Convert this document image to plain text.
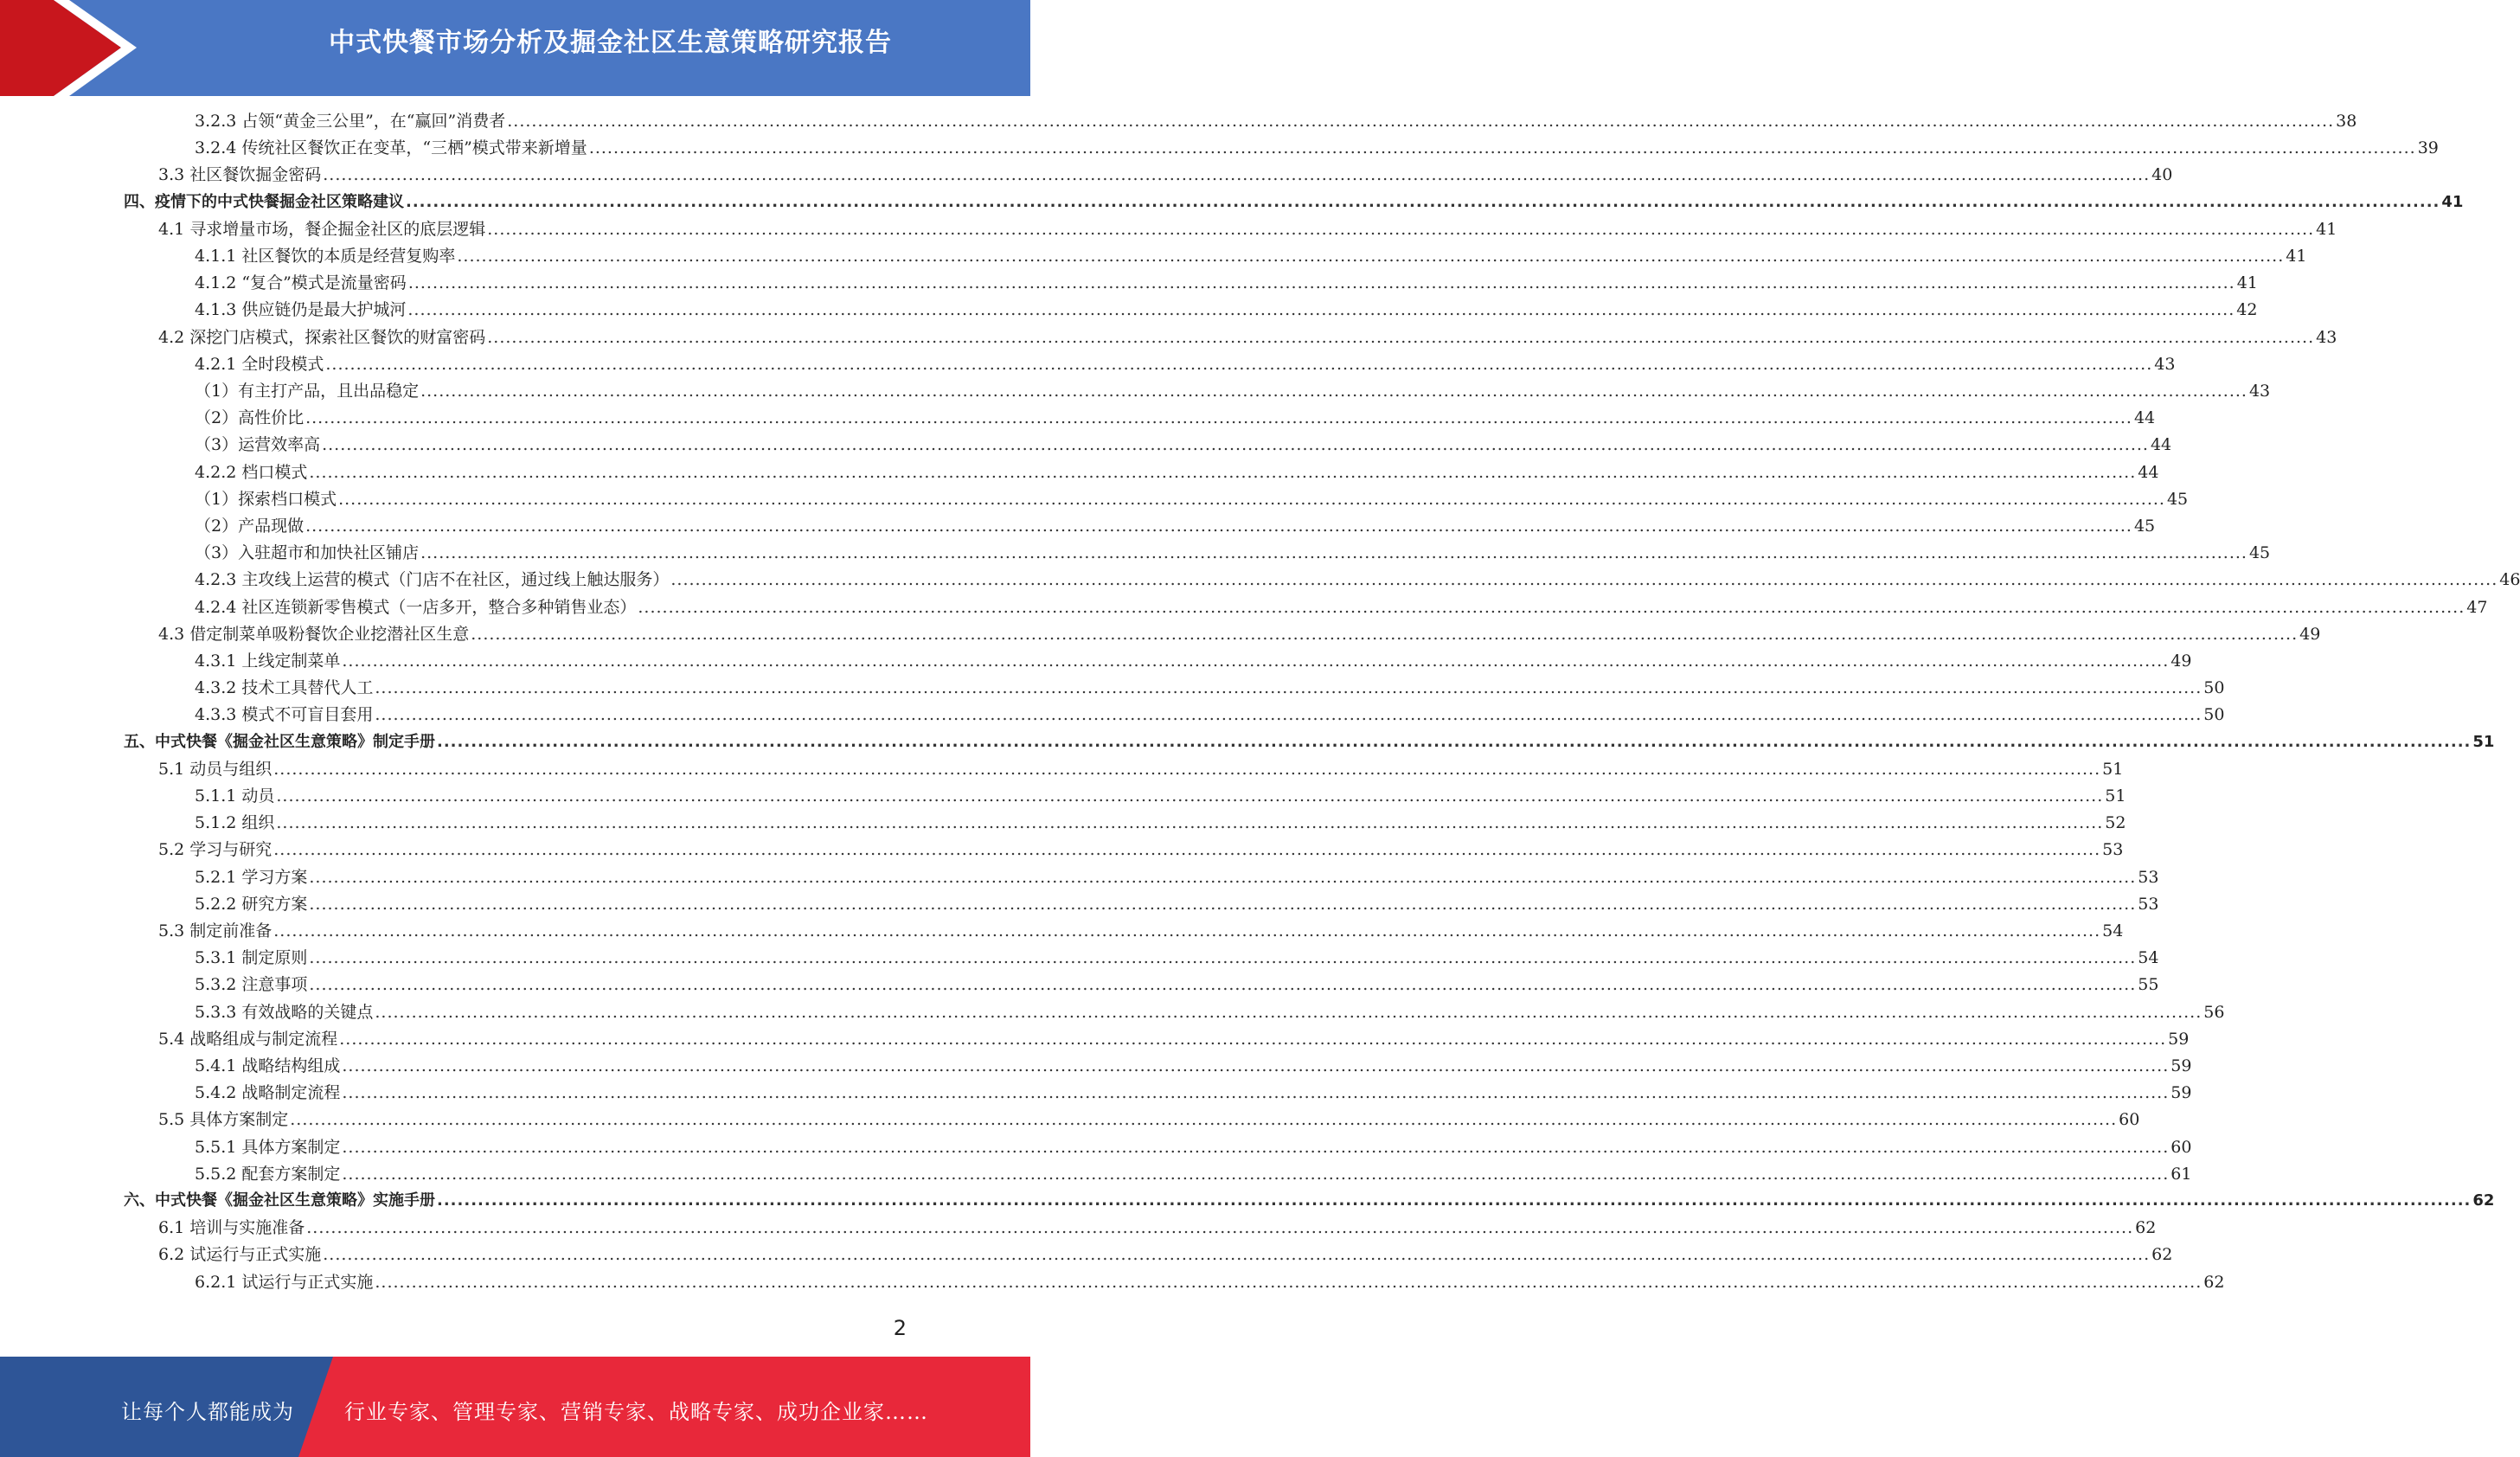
中式快餐市场分析及掘金社区生意策略研究报告
3.2.3 占领“黄金三公里”，在“赢回”消费者 ............................................................................................................................................................................................................................................................................................................ 38
3.2.4 传统社区餐饮正在变革，“三栖”模式带来新增量 ............................................................................................................................................................................................................................................................................................................ 39
3.3 社区餐饮掘金密码 ............................................................................................................................................................................................................................................................................................................ 40
四、疫情下的中式快餐掘金社区策略建议 ............................................................................................................................................................................................................................................................................................................ 41
4.1 寻求增量市场，餐企掘金社区的底层逻辑 ............................................................................................................................................................................................................................................................................................................ 41
4.1.1 社区餐饮的本质是经营复购率 ............................................................................................................................................................................................................................................................................................................ 41
4.1.2 “复合”模式是流量密码 ............................................................................................................................................................................................................................................................................................................ 41
4.1.3 供应链仍是最大护城河 ............................................................................................................................................................................................................................................................................................................ 42
4.2 深挖门店模式，探索社区餐饮的财富密码 ............................................................................................................................................................................................................................................................................................................ 43
4.2.1 全时段模式 ............................................................................................................................................................................................................................................................................................................ 43
（1）有主打产品，且出品稳定 ............................................................................................................................................................................................................................................................................................................ 43
（2）高性价比 ............................................................................................................................................................................................................................................................................................................ 44
（3）运营效率高 ............................................................................................................................................................................................................................................................................................................ 44
4.2.2 档口模式 ............................................................................................................................................................................................................................................................................................................ 44
（1）探索档口模式 ............................................................................................................................................................................................................................................................................................................ 45
（2）产品现做 ............................................................................................................................................................................................................................................................................................................ 45
（3）入驻超市和加快社区铺店 ............................................................................................................................................................................................................................................................................................................ 45
4.2.3 主攻线上运营的模式（门店不在社区，通过线上触达服务） ............................................................................................................................................................................................................................................................................................................ 46
4.2.4 社区连锁新零售模式（一店多开，整合多种销售业态） ............................................................................................................................................................................................................................................................................................................ 47
4.3 借定制菜单吸粉餐饮企业挖潜社区生意 ............................................................................................................................................................................................................................................................................................................ 49
4.3.1 上线定制菜单 ............................................................................................................................................................................................................................................................................................................ 49
4.3.2 技术工具替代人工 ............................................................................................................................................................................................................................................................................................................ 50
4.3.3 模式不可盲目套用 ............................................................................................................................................................................................................................................................................................................ 50
五、中式快餐《掘金社区生意策略》制定手册 ............................................................................................................................................................................................................................................................................................................ 51
5.1 动员与组织 ............................................................................................................................................................................................................................................................................................................ 51
5.1.1 动员 ............................................................................................................................................................................................................................................................................................................ 51
5.1.2 组织 ............................................................................................................................................................................................................................................................................................................ 52
5.2 学习与研究 ............................................................................................................................................................................................................................................................................................................ 53
5.2.1 学习方案 ............................................................................................................................................................................................................................................................................................................ 53
5.2.2 研究方案 ............................................................................................................................................................................................................................................................................................................ 53
5.3 制定前准备 ............................................................................................................................................................................................................................................................................................................ 54
5.3.1 制定原则 ............................................................................................................................................................................................................................................................................................................ 54
5.3.2 注意事项 ............................................................................................................................................................................................................................................................................................................ 55
5.3.3 有效战略的关键点 ............................................................................................................................................................................................................................................................................................................ 56
5.4 战略组成与制定流程 ............................................................................................................................................................................................................................................................................................................ 59
5.4.1 战略结构组成 ............................................................................................................................................................................................................................................................................................................ 59
5.4.2 战略制定流程 ............................................................................................................................................................................................................................................................................................................ 59
5.5 具体方案制定 ............................................................................................................................................................................................................................................................................................................ 60
5.5.1 具体方案制定 ............................................................................................................................................................................................................................................................................................................ 60
5.5.2 配套方案制定 ............................................................................................................................................................................................................................................................................................................ 61
六、中式快餐《掘金社区生意策略》实施手册 ............................................................................................................................................................................................................................................................................................................ 62
6.1 培训与实施准备 ............................................................................................................................................................................................................................................................................................................ 62
6.2 试运行与正式实施 ............................................................................................................................................................................................................................................................................................................ 62
6.2.1 试运行与正式实施 ............................................................................................................................................................................................................................................................................................................ 62
2
让每个人都能成为 行业专家、管理专家、营销专家、战略专家、成功企业家……
